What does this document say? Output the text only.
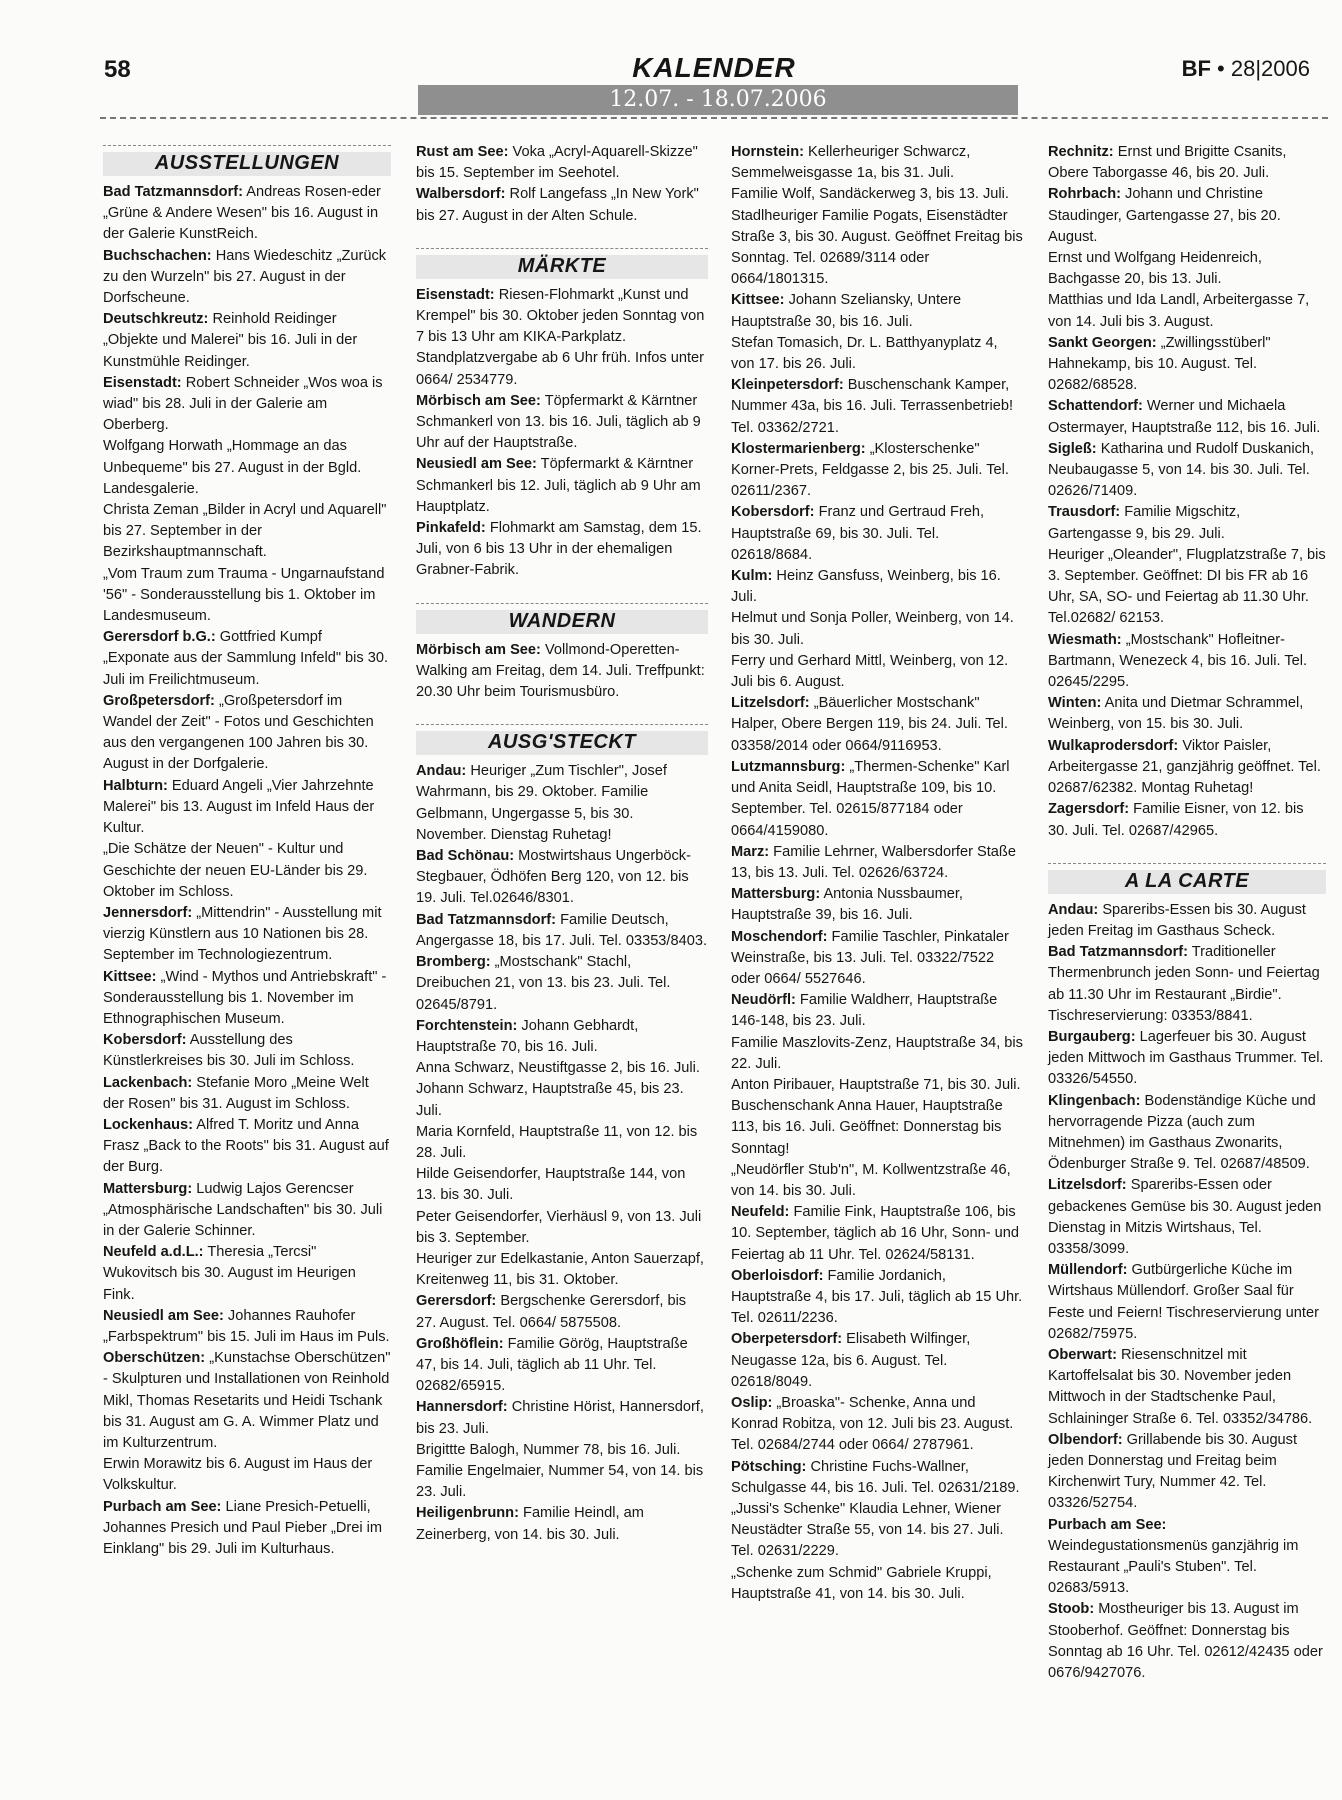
58	KALENDER	BF • 28|2006
12.07. - 18.07.2006
AUSSTELLUNGEN

Bad Tatzmannsdorf: Andreas Rosen-eder „Grüne & Andere Wesen" bis 16. August in der Galerie KunstReich.

Buchschachen: Hans Wiedeschitz „Zurück zu den Wurzeln" bis 27. August in der Dorfscheune.

Deutschkreutz: Reinhold Reidinger „Objekte und Malerei" bis 16. Juli in der Kunstmühle Reidinger.

Eisenstadt: Robert Schneider „Wos woa is wiad" bis 28. Juli in der Galerie am Oberberg.

Wolfgang Horwath „Hommage an das Unbequeme" bis 27. August in der Bgld. Landesgalerie.

Christa Zeman „Bilder in Acryl und Aquarell" bis 27. September in der Bezirkshauptmannschaft.

„Vom Traum zum Trauma - Ungarnaufstand '56" - Sonderausstellung bis 1. Oktober im Landesmuseum.

Gerersdorf b.G.: Gottfried Kumpf „Exponate aus der Sammlung Infeld" bis 30. Juli im Freilichtmuseum.

Großpetersdorf: „Großpetersdorf im Wandel der Zeit" - Fotos und Geschichten aus den vergangenen 100 Jahren bis 30. August in der Dorfgalerie.

Halbturn: Eduard Angeli „Vier Jahrzehnte Malerei" bis 13. August im Infeld Haus der Kultur.

„Die Schätze der Neuen" - Kultur und Geschichte der neuen EU-Länder bis 29. Oktober im Schloss.

Jennersdorf: „Mittendrin" - Ausstellung mit vierzig Künstlern aus 10 Nationen bis 28. September im Technologiezentrum.

Kittsee: „Wind - Mythos und Antriebskraft" - Sonderausstellung bis 1. November im Ethnographischen Museum.

Kobersdorf: Ausstellung des Künstlerkreises bis 30. Juli im Schloss.

Lackenbach: Stefanie Moro „Meine Welt der Rosen" bis 31. August im Schloss.

Lockenhaus: Alfred T. Moritz und Anna Frasz „Back to the Roots" bis 31. August auf der Burg.

Mattersburg: Ludwig Lajos Gerencser „Atmosphärische Landschaften" bis 30. Juli in der Galerie Schinner.

Neufeld a.d.L.: Theresia „Tercsi" Wukovitsch bis 30. August im Heurigen Fink.

Neusiedl am See: Johannes Rauhofer „Farbspektrum" bis 15. Juli im Haus im Puls.

Oberschützen: „Kunstachse Oberschützen" - Skulpturen und Installationen von Reinhold Mikl, Thomas Resetarits und Heidi Tschank bis 31. August am G. A. Wimmer Platz und im Kulturzentrum.

Erwin Morawitz bis 6. August im Haus der Volkskultur.

Purbach am See: Liane Presich-Petuelli, Johannes Presich und Paul Pieber „Drei im Einklang" bis 29. Juli im Kulturhaus.

Rust am See: Voka „Acryl-Aquarell-Skizze" bis 15. September im Seehotel.

Walbersdorf: Rolf Langefass „In New York" bis 27. August in der Alten Schule.

MÄRKTE

Eisenstadt: Riesen-Flohmarkt „Kunst und Krempel" bis 30. Oktober jeden Sonntag von 7 bis 13 Uhr am KIKA-Parkplatz. Standplatzvergabe ab 6 Uhr früh. Infos unter 0664/ 2534779.

Mörbisch am See: Töpfermarkt & Kärntner Schmankerl von 13. bis 16. Juli, täglich ab 9 Uhr auf der Hauptstraße.

Neusiedl am See: Töpfermarkt & Kärntner Schmankerl bis 12. Juli, täglich ab 9 Uhr am Hauptplatz.

Pinkafeld: Flohmarkt am Samstag, dem 15. Juli, von 6 bis 13 Uhr in der ehemaligen Grabner-Fabrik.

WANDERN

Mörbisch am See: Vollmond-Operetten-Walking am Freitag, dem 14. Juli. Treffpunkt: 20.30 Uhr beim Tourismusbüro.

AUSG'STECKT

Andau: Heuriger „Zum Tischler", Josef Wahrmann, bis 29. Oktober. Familie Gelbmann, Ungergasse 5, bis 30. November. Dienstag Ruhetag!

Bad Schönau: Mostwirtshaus Ungerböck-Stegbauer, Ödhöfen Berg 120, von 12. bis 19. Juli. Tel.02646/8301.

Bad Tatzmannsdorf: Familie Deutsch, Angergasse 18, bis 17. Juli. Tel. 03353/8403.

Bromberg: „Mostschank" Stachl, Dreibuchen 21, von 13. bis 23. Juli. Tel. 02645/8791.

Forchtenstein: Johann Gebhardt, Hauptstraße 70, bis 16. Juli.

Anna Schwarz, Neustiftgasse 2, bis 16. Juli.

Johann Schwarz, Hauptstraße 45, bis 23. Juli.

Maria Kornfeld, Hauptstraße 11, von 12. bis 28. Juli.

Hilde Geisendorfer, Hauptstraße 144, von 13. bis 30. Juli.

Peter Geisendorfer, Vierhäusl 9, von 13. Juli bis 3. September.

Heuriger zur Edelkastanie, Anton Sauerzapf, Kreitenweg 11, bis 31. Oktober.

Gerersdorf: Bergschenke Gerersdorf, bis 27. August. Tel. 0664/ 5875508.

Großhöflein: Familie Görög, Hauptstraße 47, bis 14. Juli, täglich ab 11 Uhr. Tel. 02682/65915.

Hannersdorf: Christine Hörist, Hannersdorf, bis 23. Juli.

Brigittte Balogh, Nummer 78, bis 16. Juli.

Familie Engelmaier, Nummer 54, von 14. bis 23. Juli.

Heiligenbrunn: Familie Heindl, am Zeinerberg, von 14. bis 30. Juli.

Hornstein: Kellerheuriger Schwarcz, Semmelweisgasse 1a, bis 31. Juli.

Familie Wolf, Sandäckerweg 3, bis 13. Juli.

Stadlheuriger Familie Pogats, Eisenstädter Straße 3, bis 30. August. Geöffnet Freitag bis Sonntag. Tel. 02689/3114 oder 0664/1801315.

Kittsee: Johann Szeliansky, Untere Hauptstraße 30, bis 16. Juli.

Stefan Tomasich, Dr. L. Batthyanyplatz 4, von 17. bis 26. Juli.

Kleinpetersdorf: Buschenschank Kamper, Nummer 43a, bis 16. Juli. Terrassenbetrieb! Tel. 03362/2721.

Klostermarienberg: „Klosterschenke" Korner-Prets, Feldgasse 2, bis 25. Juli. Tel. 02611/2367.

Kobersdorf: Franz und Gertraud Freh, Hauptstraße 69, bis 30. Juli. Tel. 02618/8684.

Kulm: Heinz Gansfuss, Weinberg, bis 16. Juli.

Helmut und Sonja Poller, Weinberg, von 14. bis 30. Juli.

Ferry und Gerhard Mittl, Weinberg, von 12. Juli bis 6. August.

Litzelsdorf: „Bäuerlicher Mostschank" Halper, Obere Bergen 119, bis 24. Juli. Tel. 03358/2014 oder 0664/9116953.

Lutzmannsburg: „Thermen-Schenke" Karl und Anita Seidl, Hauptstraße 109, bis 10. September. Tel. 02615/877184 oder 0664/4159080.

Marz: Familie Lehrner, Walbersdorfer Staße 13, bis 13. Juli. Tel. 02626/63724.

Mattersburg: Antonia Nussbaumer, Hauptstraße 39, bis 16. Juli.

Moschendorf: Familie Taschler, Pinkataler Weinstraße, bis 13. Juli. Tel. 03322/7522 oder 0664/ 5527646.

Neudörfl: Familie Waldherr, Hauptstraße 146-148, bis 23. Juli.

Familie Maszlovits-Zenz, Hauptstraße 34, bis 22. Juli.

Anton Piribauer, Hauptstraße 71, bis 30. Juli.

Buschenschank Anna Hauer, Hauptstraße 113, bis 16. Juli. Geöffnet: Donnerstag bis Sonntag!

„Neudörfler Stub'n", M. Kollwentzstraße 46, von 14. bis 30. Juli.

Neufeld: Familie Fink, Hauptstraße 106, bis 10. September, täglich ab 16 Uhr, Sonn- und Feiertag ab 11 Uhr. Tel. 02624/58131.

Oberloisdorf: Familie Jordanich, Hauptstraße 4, bis 17. Juli, täglich ab 15 Uhr. Tel. 02611/2236.

Oberpetersdorf: Elisabeth Wilfinger, Neugasse 12a, bis 6. August. Tel. 02618/8049.

Oslip: „Broaska"- Schenke, Anna und Konrad Robitza, von 12. Juli bis 23. August. Tel. 02684/2744 oder 0664/ 2787961.

Pötsching: Christine Fuchs-Wallner, Schulgasse 44, bis 16. Juli. Tel. 02631/2189.

„Jussi's Schenke" Klaudia Lehner, Wiener Neustädter Straße 55, von 14. bis 27. Juli. Tel. 02631/2229.

„Schenke zum Schmid" Gabriele Kruppi, Hauptstraße 41, von 14. bis 30. Juli.

Rechnitz: Ernst und Brigitte Csanits, Obere Taborgasse 46, bis 20. Juli.

Rohrbach: Johann und Christine Staudinger, Gartengasse 27, bis 20. August.

Ernst und Wolfgang Heidenreich, Bachgasse 20, bis 13. Juli.

Matthias und Ida Landl, Arbeitergasse 7, von 14. Juli bis 3. August.

Sankt Georgen: „Zwillingsstüberl" Hahnekamp, bis 10. August. Tel. 02682/68528.

Schattendorf: Werner und Michaela Ostermayer, Hauptstraße 112, bis 16. Juli.

Sigleß: Katharina und Rudolf Duskanich, Neubaugasse 5, von 14. bis 30. Juli. Tel. 02626/71409.

Trausdorf: Familie Migschitz, Gartengasse 9, bis 29. Juli.

Heuriger „Oleander", Flugplatzstraße 7, bis 3. September. Geöffnet: DI bis FR ab 16 Uhr, SA, SO- und Feiertag ab 11.30 Uhr. Tel.02682/ 62153.

Wiesmath: „Mostschank" Hofleitner-Bartmann, Wenezeck 4, bis 16. Juli. Tel. 02645/2295.

Winten: Anita und Dietmar Schrammel, Weinberg, von 15. bis 30. Juli.

Wulkaprodersdorf: Viktor Paisler, Arbeitergasse 21, ganzjährig geöffnet. Tel. 02687/62382. Montag Ruhetag!

Zagersdorf: Familie Eisner, von 12. bis 30. Juli. Tel. 02687/42965.

A LA CARTE

Andau: Spareribs-Essen bis 30. August jeden Freitag im Gasthaus Scheck.

Bad Tatzmannsdorf: Traditioneller Thermenbrunch jeden Sonn- und Feiertag ab 11.30 Uhr im Restaurant „Birdie". Tischreservierung: 03353/8841.

Burgauberg: Lagerfeuer bis 30. August jeden Mittwoch im Gasthaus Trummer. Tel. 03326/54550.

Klingenbach: Bodenständige Küche und hervorragende Pizza (auch zum Mitnehmen) im Gasthaus Zwonarits, Ödenburger Straße 9. Tel. 02687/48509.

Litzelsdorf: Spareribs-Essen oder gebackenes Gemüse bis 30. August jeden Dienstag in Mitzis Wirtshaus, Tel. 03358/3099.

Müllendorf: Gutbürgerliche Küche im Wirtshaus Müllendorf. Großer Saal für Feste und Feiern! Tischreservierung unter 02682/75975.

Oberwart: Riesenschnitzel mit Kartoffelsalat bis 30. November jeden Mittwoch in der Stadtschenke Paul, Schlaininger Straße 6. Tel. 03352/34786.

Olbendorf: Grillabende bis 30. August jeden Donnerstag und Freitag beim Kirchenwirt Tury, Nummer 42. Tel. 03326/52754.

Purbach am See: Weindegustationsmenüs ganzjährig im Restaurant „Pauli's Stuben". Tel. 02683/5913.

Stoob: Mostheuriger bis 13. August im Stooberhof. Geöffnet: Donnerstag bis Sonntag ab 16 Uhr. Tel. 02612/42435 oder 0676/9427076.
